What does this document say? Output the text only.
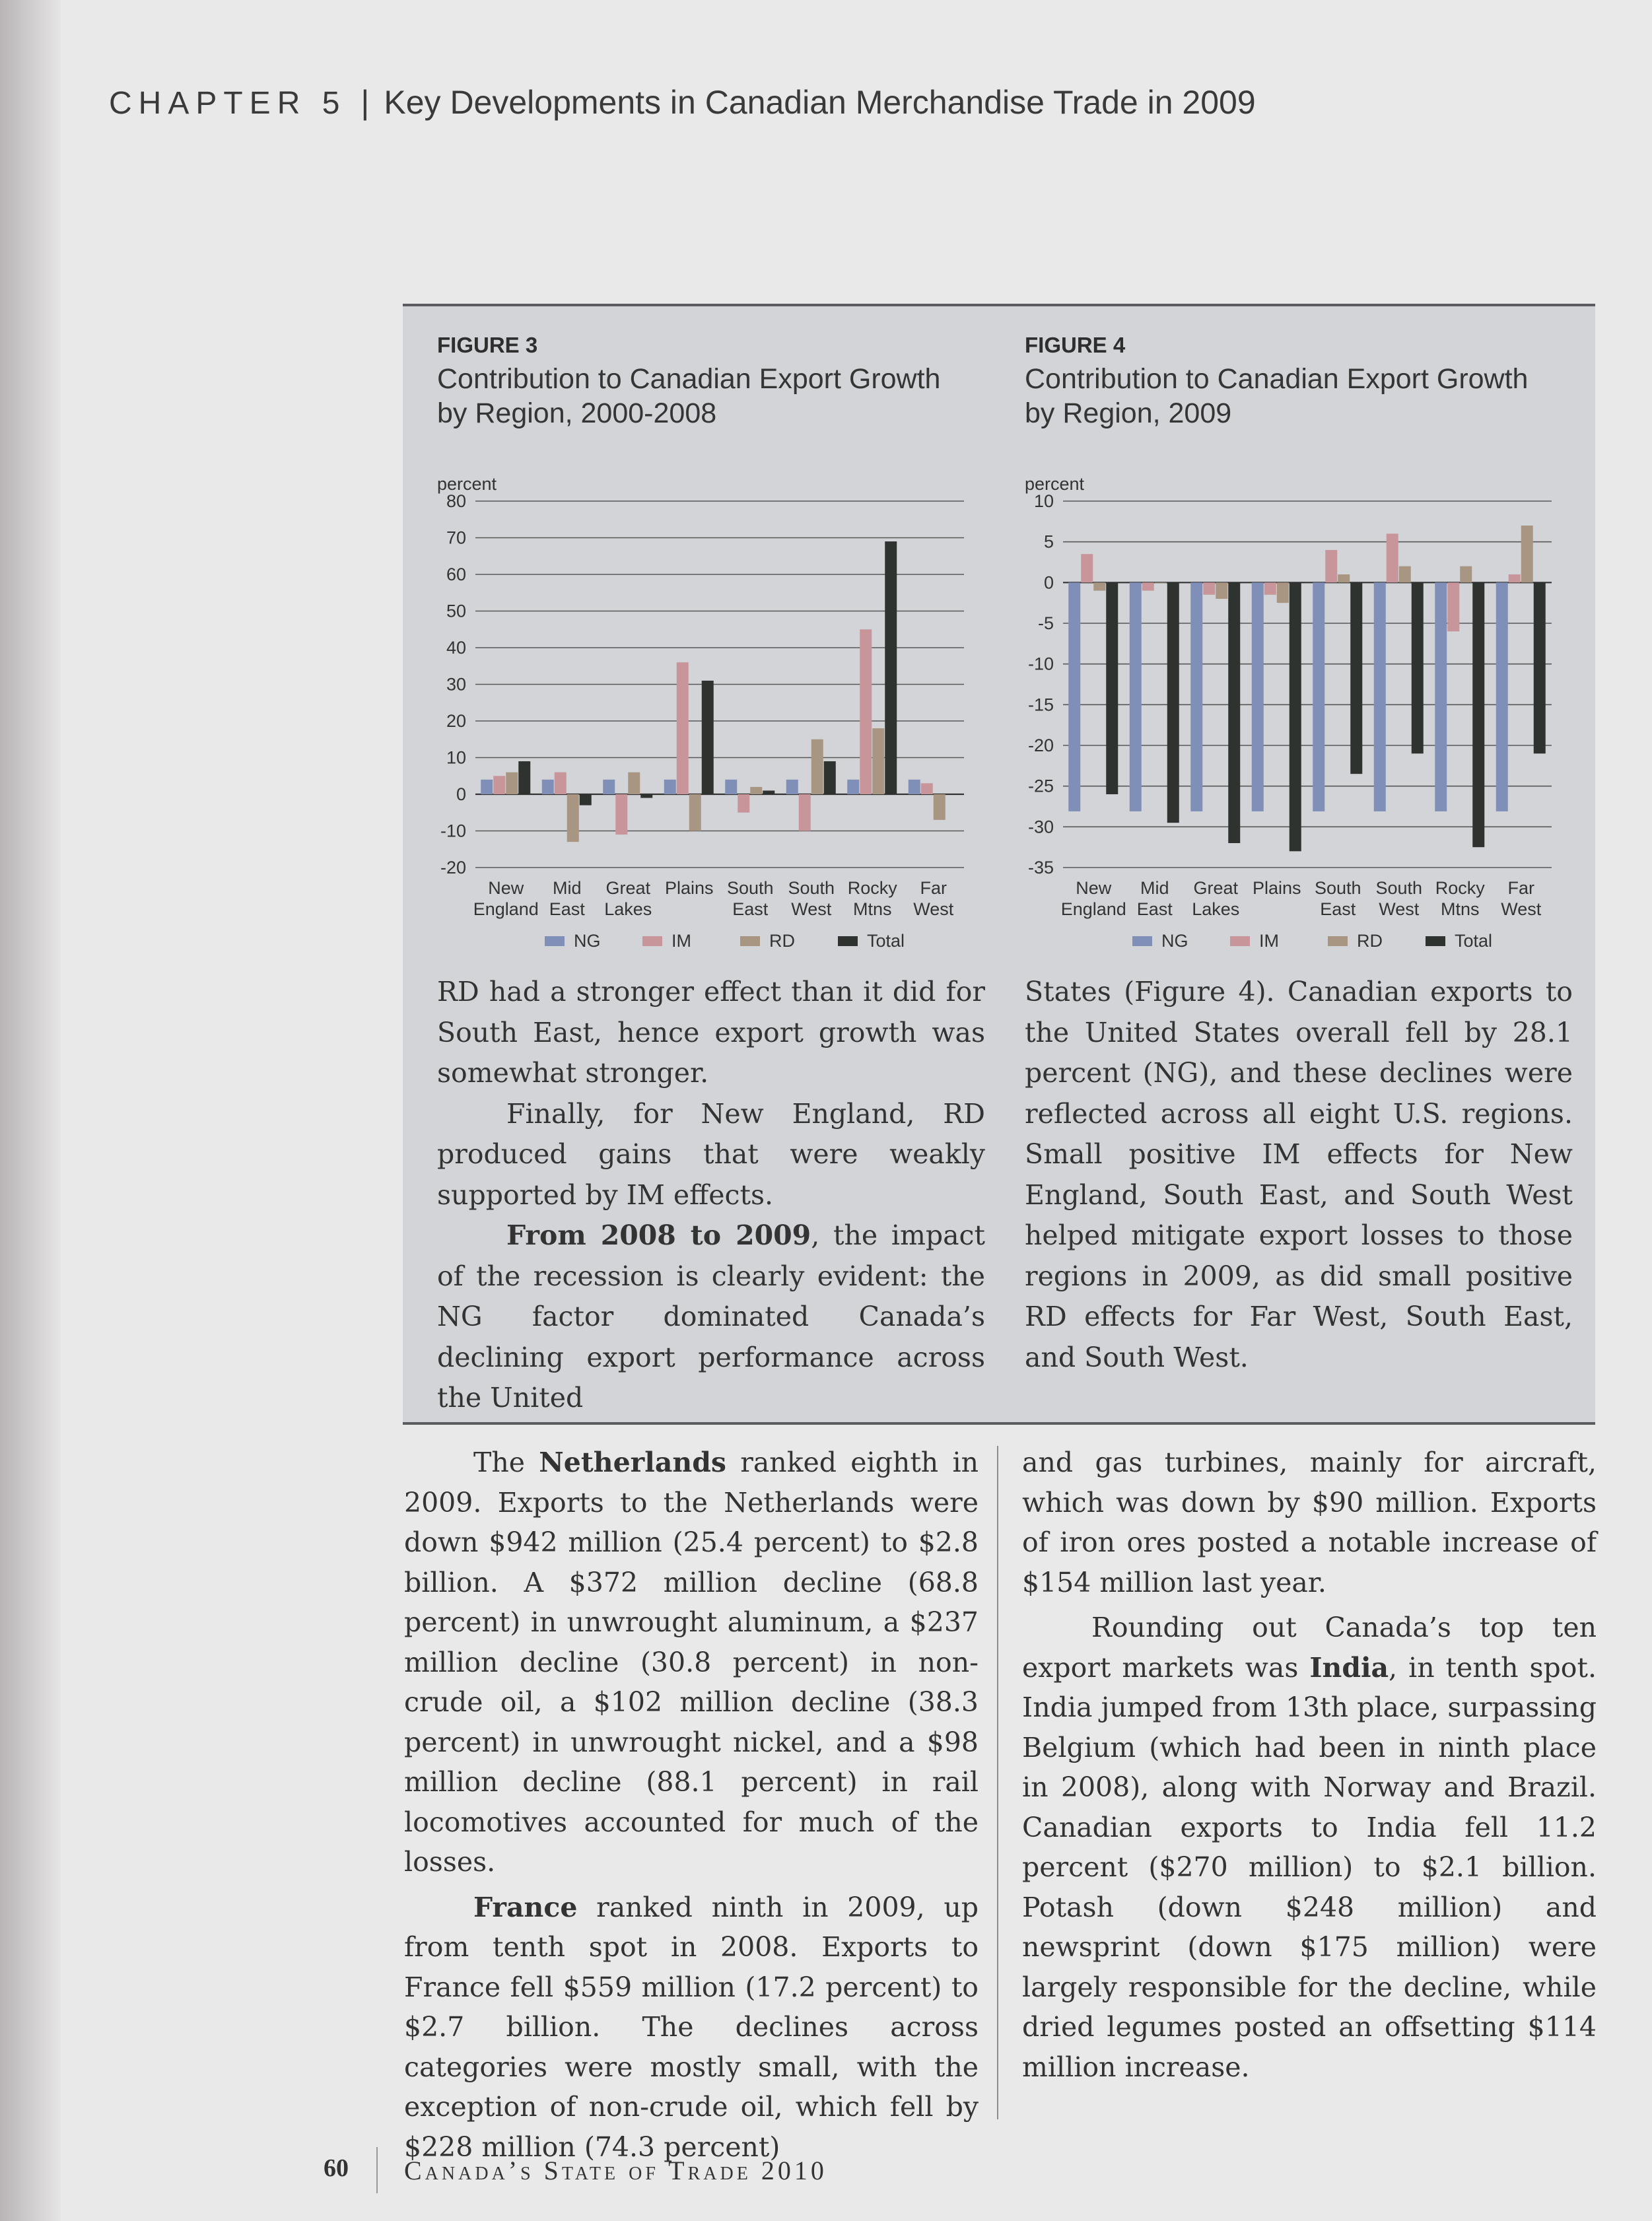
CHAPTER 5 | Key Developments in Canadian Merchandise Trade in 2009
FIGURE 3
Contribution to Canadian Export Growth
by Region, 2000-2008
FIGURE 4
Contribution to Canadian Export Growth
by Region, 2009
percent
80
70
60
50
40
30
20
10
0
-10
-20
New
England
Mid
East
Great
Lakes
Plains South
East
South
West
Rocky
Mtns
Far
West
NG	IM	RD	Total
percent
10
5
0
-5
-10
-15
-20
-25
-30
-35
New
England
Mid
East
Great
Lakes
Plains South
East
South
West
Rocky
Mtns
Far
West
NG	IM	RD	Total

RD had a stronger effect than it did for South East, hence export growth was somewhat stronger.

Finally, for New England, RD produced gains that were weakly supported by IM effects.

From 2008 to 2009, the impact of the recession is clearly evident: the NG factor dominated Canada’s declining export performance across the United

States (Figure 4). Canadian exports to the United States overall fell by 28.1 percent (NG), and these declines were reflected across all eight U.S. regions. Small positive IM effects for New England, South East, and South West helped mitigate export losses to those regions in 2009, as did small positive RD effects for Far West, South East, and South West.

The Netherlands ranked eighth in 2009. Exports to the Netherlands were down $942 million (25.4 percent) to $2.8 billion. A $372 million decline (68.8 percent) in unwrought aluminum, a $237 million decline (30.8 percent) in non-crude oil, a $102 million decline (38.3 percent) in unwrought nickel, and a $98 million decline (88.1 percent) in rail locomotives accounted for much of the losses.

France ranked ninth in 2009, up from tenth spot in 2008. Exports to France fell $559 million (17.2 percent) to $2.7 billion. The declines across categories were mostly small, with the exception of non-crude oil, which fell by $228 million (74.3 percent)

and gas turbines, mainly for aircraft, which was down by $90 million. Exports of iron ores posted a notable increase of $154 million last year.

Rounding out Canada’s top ten export markets was India, in tenth spot. India jumped from 13th place, surpassing Belgium (which had been in ninth place in 2008), along with Norway and Brazil. Canadian exports to India fell 11.2 percent ($270 million) to $2.1 billion. Potash (down $248 million) and newsprint (down $175 million) were largely responsible for the decline, while dried legumes posted an offsetting $114 million increase.

60 Canada’s State of Trade 2010
